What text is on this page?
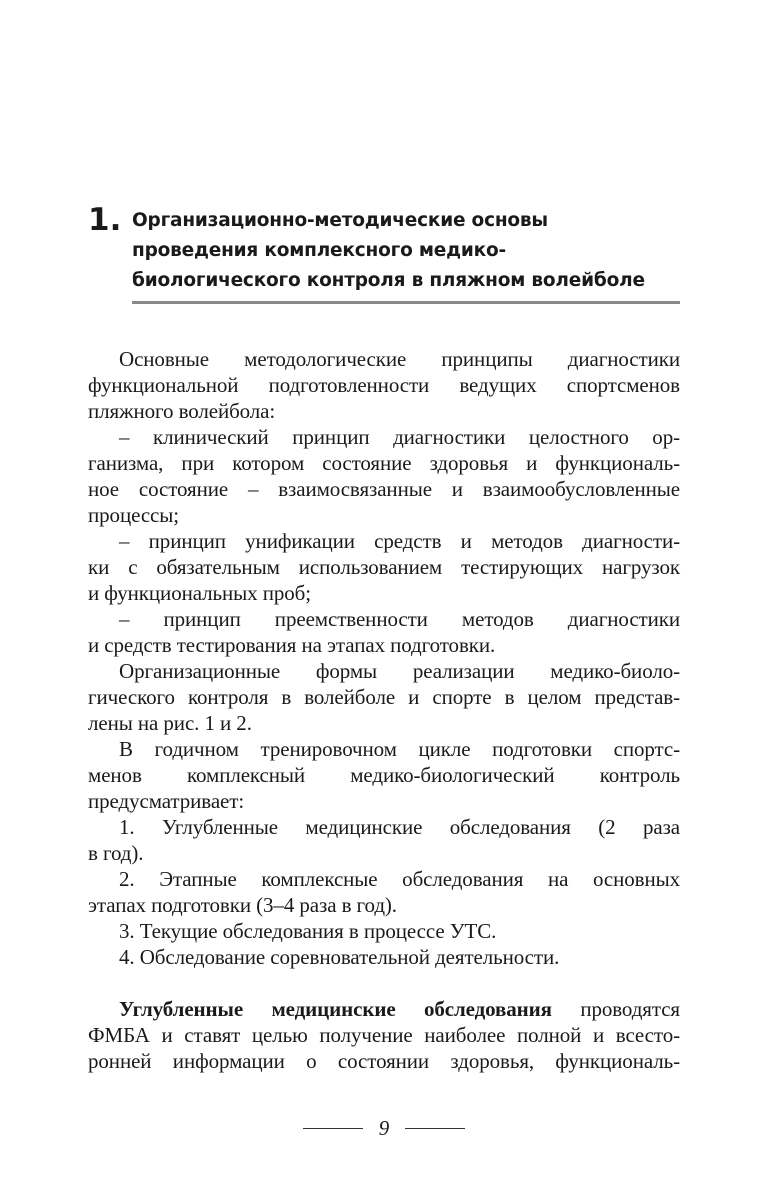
1. Организационно-методические основы
проведения комплексного медико-
биологического контроля в пляжном волейболе
Основные методологические принципы диагностики
функциональной подготовленности ведущих спортсменов
пляжного волейбола:
– клинический принцип диагностики целостного ор-
ганизма, при котором состояние здоровья и функциональ-
ное состояние – взаимосвязанные и взаимообусловленные
процессы;
– принцип унификации средств и методов диагности-
ки с обязательным использованием тестирующих нагрузок
и функциональных проб;
– принцип преемственности методов диагностики
и средств тестирования на этапах подготовки.
Организационные формы реализации медико-биоло-
гического контроля в волейболе и спорте в целом представ-
лены на рис. 1 и 2.
В годичном тренировочном цикле подготовки спортс-
менов комплексный медико-биологический контроль
предусматривает:
1. Углубленные медицинские обследования (2 раза
в год).
2. Этапные комплексные обследования на основных
этапах подготовки (3–4 раза в год).
3. Текущие обследования в процессе УТС.
4. Обследование соревновательной деятельности.
Углубленные медицинские обследования проводятся
ФМБА и ставят целью получение наиболее полной и всесто-
ронней информации о состоянии здоровья, функциональ-
9
